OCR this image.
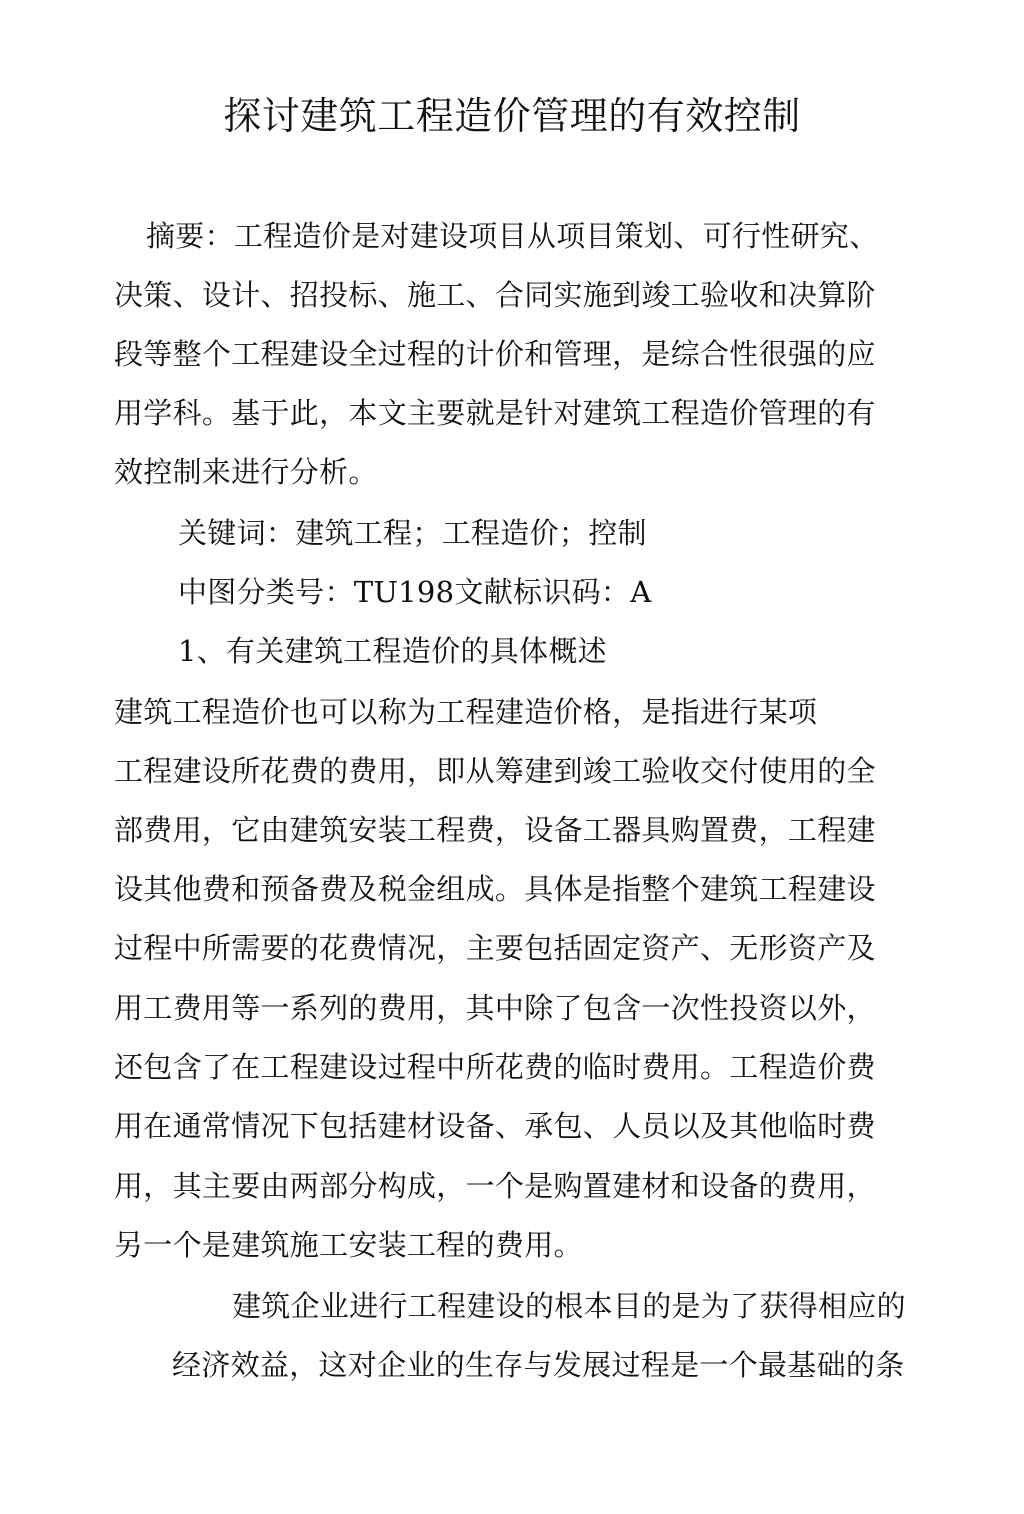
探讨建筑工程造价管理的有效控制
摘要：工程造价是对建设项目从项目策划、可行性研究、
决策、设计、招投标、施工、合同实施到竣工验收和决算阶
段等整个工程建设全过程的计价和管理，是综合性很强的应
用学科。基于此，本文主要就是针对建筑工程造价管理的有
效控制来进行分析。
关键词：建筑工程；工程造价；控制
中图分类号：TU198文献标识码：A
1、有关建筑工程造价的具体概述
建筑工程造价也可以称为工程建造价格，是指进行某项
工程建设所花费的费用，即从筹建到竣工验收交付使用的全
部费用，它由建筑安装工程费，设备工器具购置费，工程建
设其他费和预备费及税金组成。具体是指整个建筑工程建设
过程中所需要的花费情况，主要包括固定资产、无形资产及
用工费用等一系列的费用，其中除了包含一次性投资以外，
还包含了在工程建设过程中所花费的临时费用。工程造价费
用在通常情况下包括建材设备、承包、人员以及其他临时费
用，其主要由两部分构成，一个是购置建材和设备的费用，
另一个是建筑施工安装工程的费用。
建筑企业进行工程建设的根本目的是为了获得相应的
经济效益，这对企业的生存与发展过程是一个最基础的条
